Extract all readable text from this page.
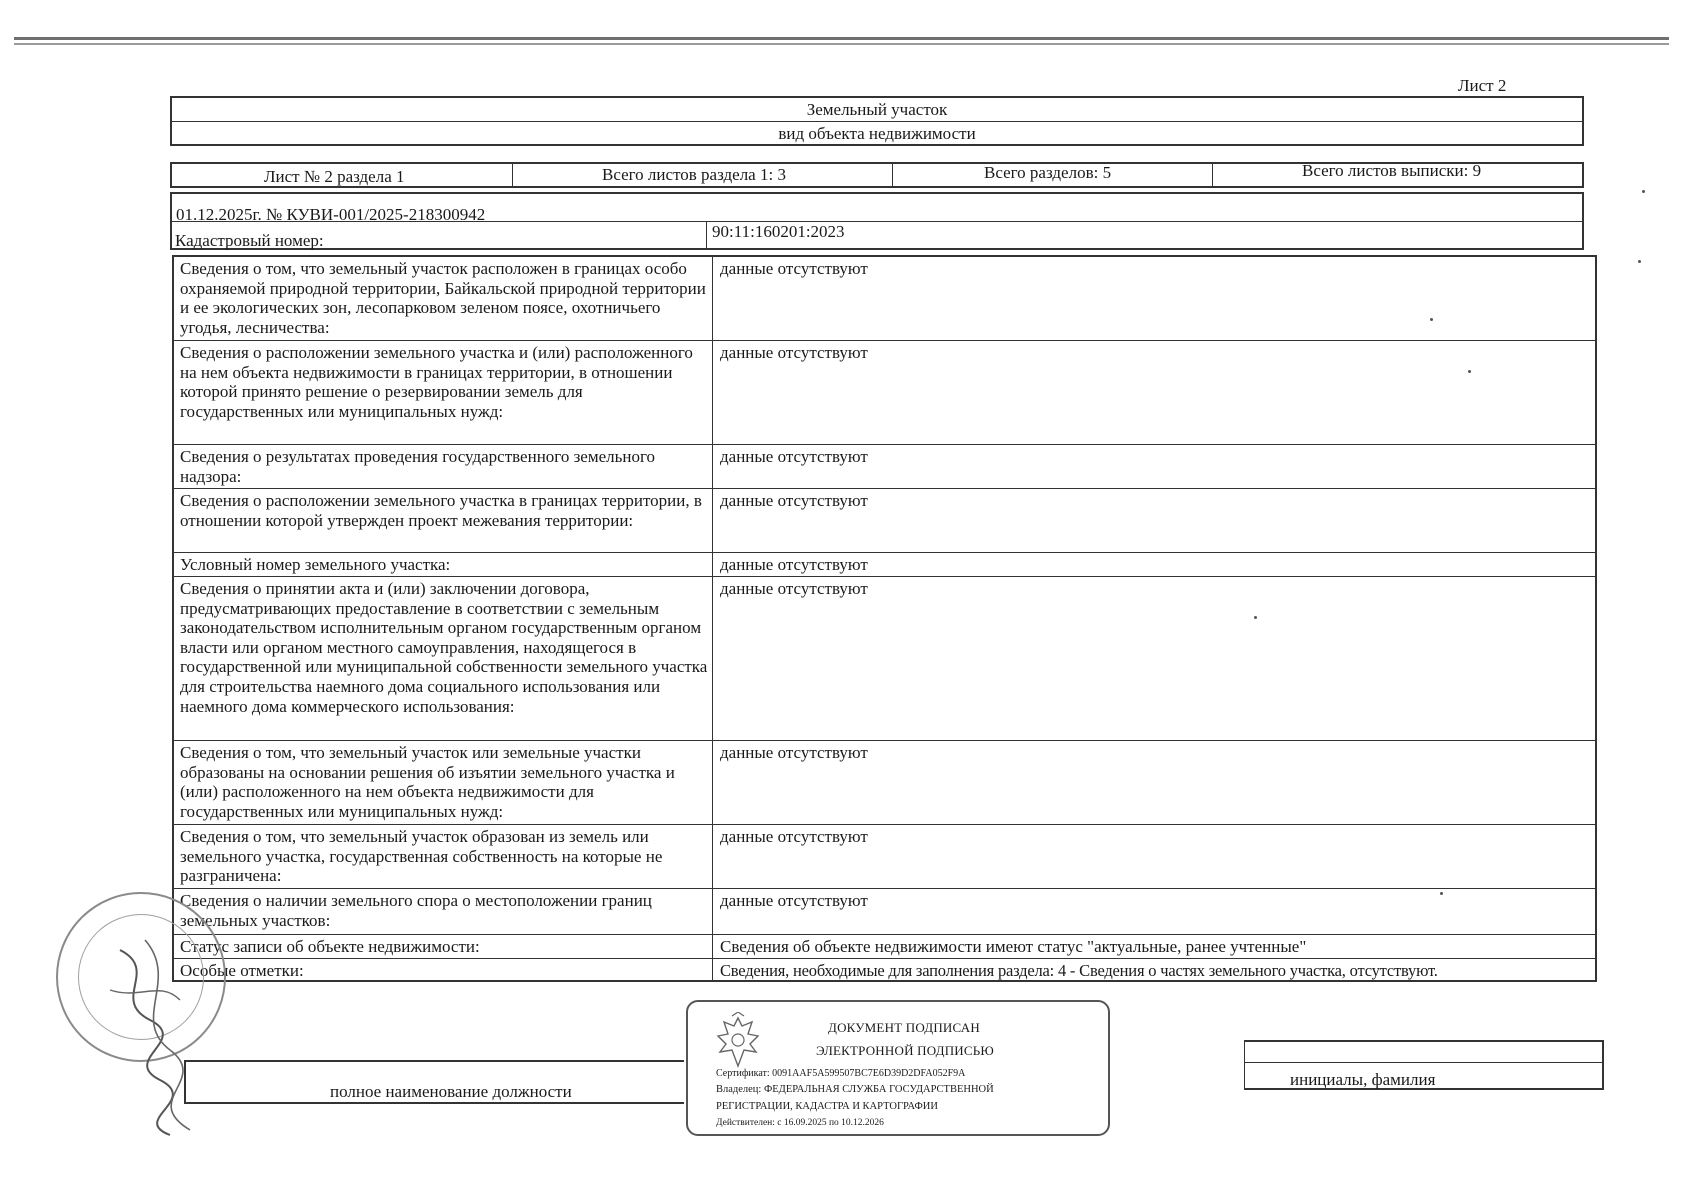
Лист 2
Земельный участок
вид объекта недвижимости
Лист № 2 раздела 1	Всего листов раздела 1: 3	Всего разделов: 5	Всего листов выписки: 9
01.12.2025г. № КУВИ-001/2025-218300942
Кадастровый номер:	90:11:160201:2023
Сведения о том, что земельный участок расположен в границах особо охраняемой природной территории, Байкальской природной территории и ее экологических зон, лесопарковом зеленом поясе, охотничьего угодья, лесничества:
данные отсутствуют
Сведения о расположении земельного участка и (или) расположенного на нем объекта недвижимости в границах территории, в отношении которой принято решение о резервировании земель для государственных или муниципальных нужд:
данные отсутствуют
Сведения о результатах проведения государственного земельного надзора:
данные отсутствуют
Сведения о расположении земельного участка в границах территории, в отношении которой утвержден проект межевания территории:
данные отсутствуют
Условный номер земельного участка:	данные отсутствуют
Сведения о принятии акта и (или) заключении договора, предусматривающих предоставление в соответствии с земельным законодательством исполнительным органом государственным органом власти или органом местного самоуправления, находящегося в государственной или муниципальной собственности земельного участка для строительства наемного дома социального использования или наемного дома коммерческого использования:
данные отсутствуют
Сведения о том, что земельный участок или земельные участки образованы на основании решения об изъятии земельного участка и (или) расположенного на нем объекта недвижимости для государственных или муниципальных нужд:
данные отсутствуют
Сведения о том, что земельный участок образован из земель или земельного участка, государственная собственность на которые не разграничена:
данные отсутствуют
Сведения о наличии земельного спора о местоположении границ земельных участков:
данные отсутствуют
Статус записи об объекте недвижимости:	Сведения об объекте недвижимости имеют статус "актуальные, ранее учтенные"
Особые отметки:	Сведения, необходимые для заполнения раздела: 4 - Сведения о частях земельного участка, отсутствуют.
полное наименование должности
инициалы, фамилия
ДОКУМЕНТ ПОДПИСАН
ЭЛЕКТРОННОЙ ПОДПИСЬЮ
Сертификат: 0091AAF5A599507BC7E6D39D2DFA052F9A
Владелец: ФЕДЕРАЛЬНАЯ СЛУЖБА ГОСУДАРСТВЕННОЙ
РЕГИСТРАЦИИ, КАДАСТРА И КАРТОГРАФИИ
Действителен: с 16.09.2025 по 10.12.2026
